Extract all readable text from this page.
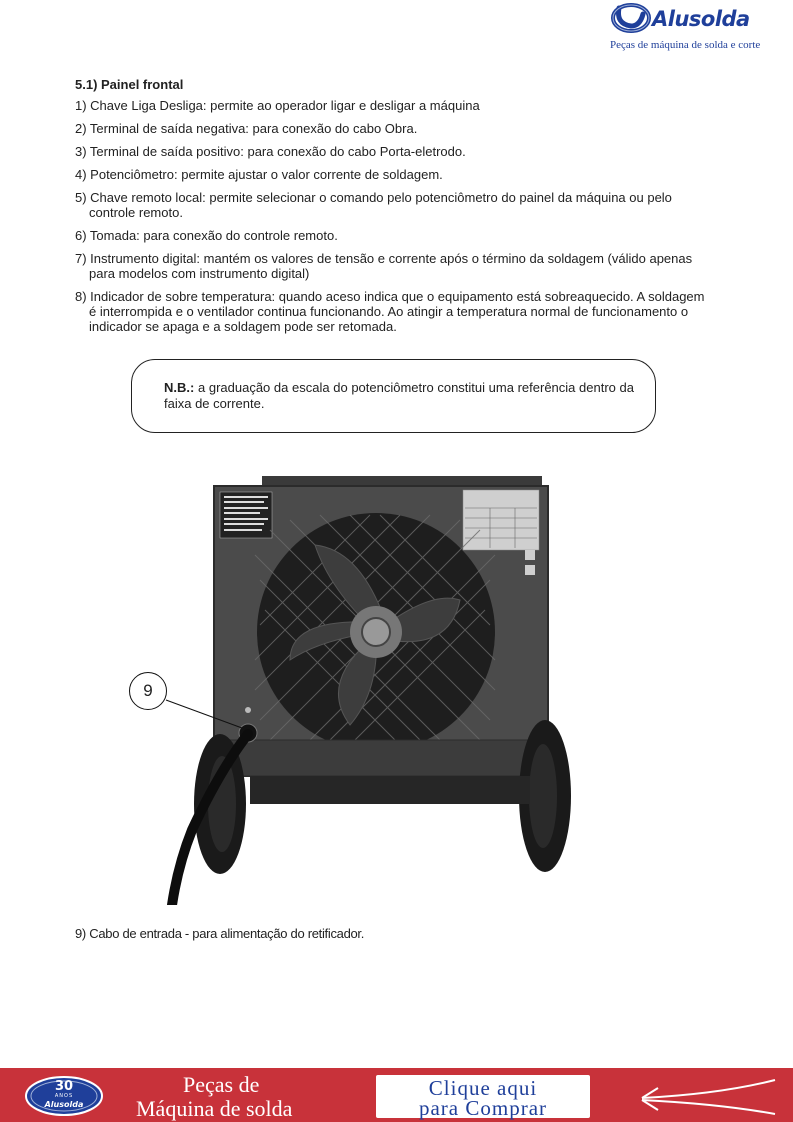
Alusolda
Peças de máquina de solda e corte
5.1) Painel frontal
1) Chave Liga Desliga: permite ao operador ligar e desligar a máquina
2) Terminal de saída negativa: para conexão do cabo Obra.
3) Terminal de saída positivo: para conexão do cabo Porta-eletrodo.
4) Potenciômetro: permite ajustar o valor corrente de soldagem.
5) Chave remoto local: permite selecionar o comando pelo potenciômetro do painel da máquina ou pelo controle remoto.
6) Tomada: para conexão do controle remoto.
7) Instrumento digital: mantém os valores de tensão e corrente após o término da soldagem (válido apenas para modelos com instrumento digital)
8) Indicador de sobre temperatura: quando aceso indica que o equipamento está sobreaquecido. A soldagem é interrompida e o ventilador continua funcionando. Ao atingir a temperatura normal de funcionamento o indicador se apaga e a soldagem pode ser retomada.
N.B.: a graduação da escala do potenciômetro constitui uma referência dentro da faixa de corrente.
9
9) Cabo de entrada - para alimentação do retificador.
30
ANOS
Alusolda
Peças de
Máquina de solda
Clique aqui
para Comprar
